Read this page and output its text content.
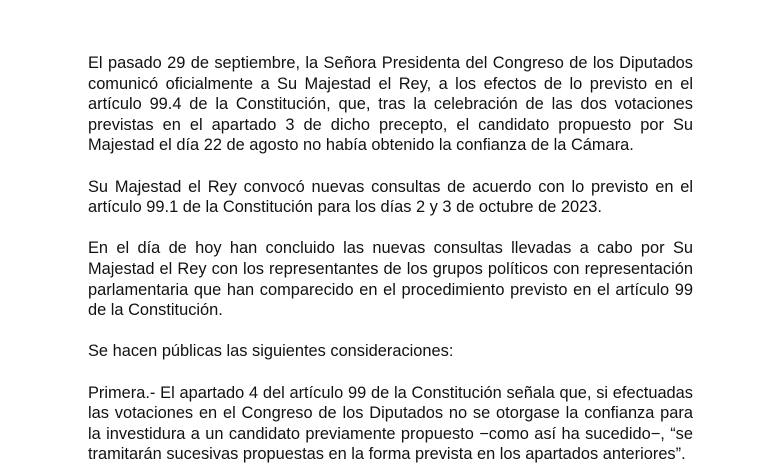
El pasado 29 de septiembre, la Señora Presidenta del Congreso de los Diputados comunicó oficialmente a Su Majestad el Rey, a los efectos de lo previsto en el artículo 99.4 de la Constitución, que, tras la celebración de las dos votaciones previstas en el apartado 3 de dicho precepto, el candidato propuesto por Su Majestad el día 22 de agosto no había obtenido la confianza de la Cámara.

Su Majestad el Rey convocó nuevas consultas de acuerdo con lo previsto en el artículo 99.1 de la Constitución para los días 2 y 3 de octubre de 2023.

En el día de hoy han concluido las nuevas consultas llevadas a cabo por Su Majestad el Rey con los representantes de los grupos políticos con representación parlamentaria que han comparecido en el procedimiento previsto en el artículo 99 de la Constitución.

Se hacen públicas las siguientes consideraciones:

Primera.- El apartado 4 del artículo 99 de la Constitución señala que, si efectuadas las votaciones en el Congreso de los Diputados no se otorgase la confianza para la investidura a un candidato previamente propuesto −como así ha sucedido−, “se tramitarán sucesivas propuestas en la forma prevista en los apartados anteriores”.
